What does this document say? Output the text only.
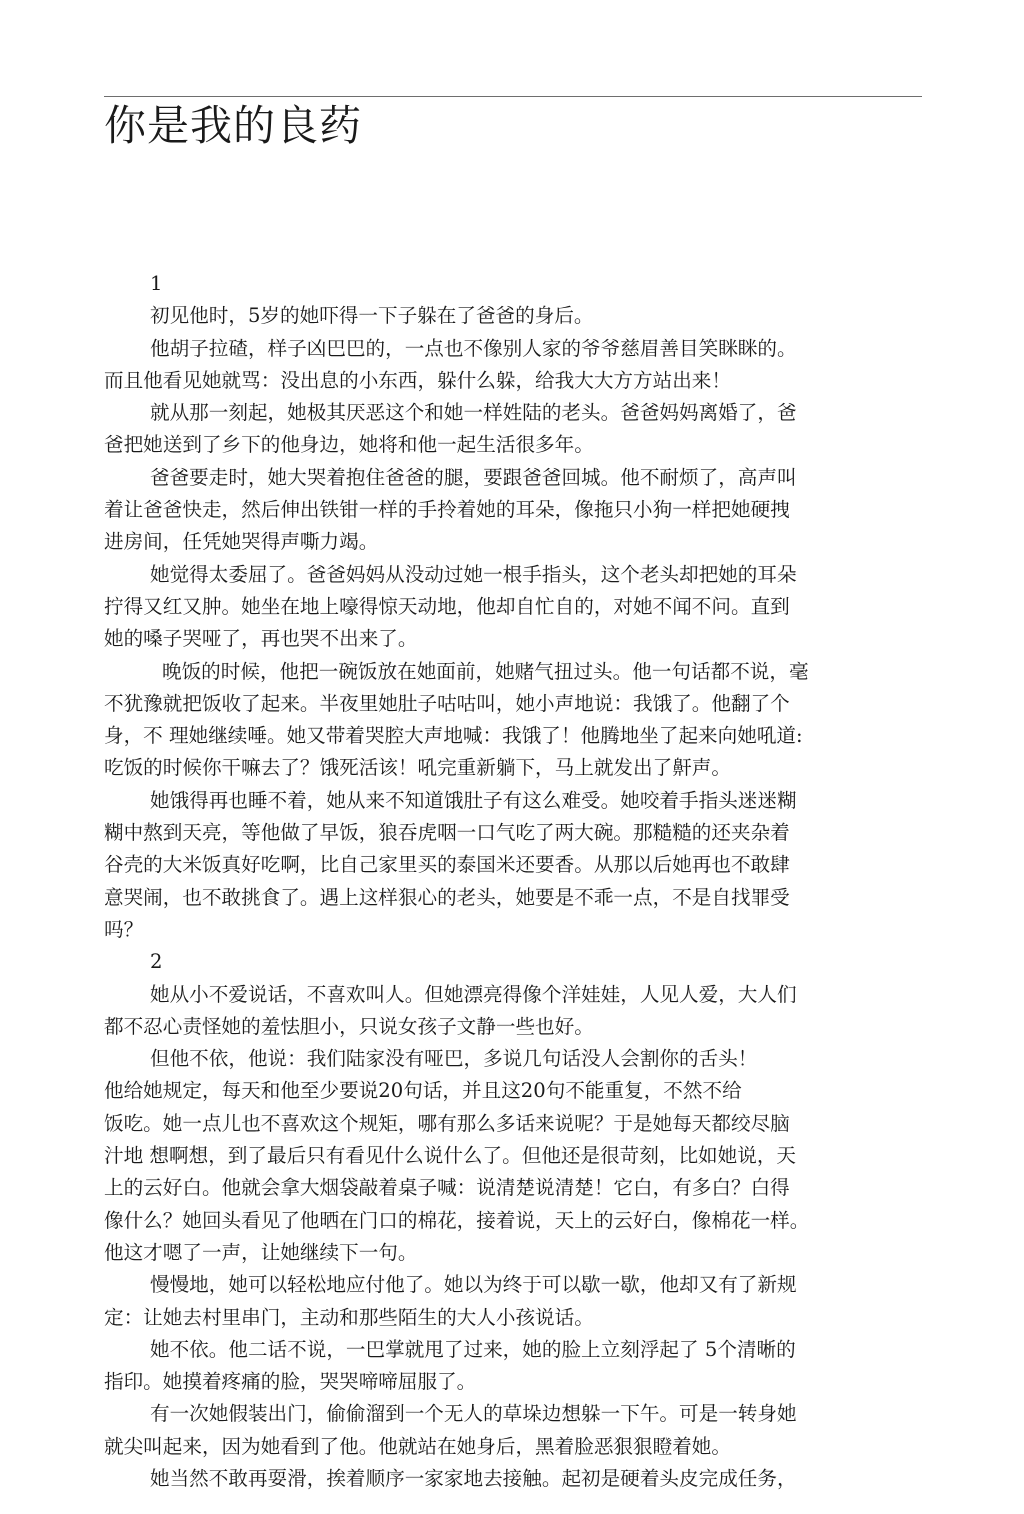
你是我的良药
1
初见他时，5岁的她吓得一下子躲在了爸爸的身后。
他胡子拉碴，样子凶巴巴的，一点也不像别人家的爷爷慈眉善目笑眯眯的。
而且他看见她就骂：没出息的小东西，躲什么躲，给我大大方方站出来！
就从那一刻起，她极其厌恶这个和她一样姓陆的老头。爸爸妈妈离婚了，爸
爸把她送到了乡下的他身边，她将和他一起生活很多年。
爸爸要走时，她大哭着抱住爸爸的腿，要跟爸爸回城。他不耐烦了，高声叫
着让爸爸快走，然后伸出铁钳一样的手拎着她的耳朵，像拖只小狗一样把她硬拽
进房间，任凭她哭得声嘶力竭。
她觉得太委屈了。爸爸妈妈从没动过她一根手指头，这个老头却把她的耳朵
拧得又红又肿。她坐在地上嚎得惊天动地，他却自忙自的，对她不闻不问。直到
她的嗓子哭哑了，再也哭不出来了。
晚饭的时候，他把一碗饭放在她面前，她赌气扭过头。他一句话都不说，毫
不犹豫就把饭收了起来。半夜里她肚子咕咕叫，她小声地说：我饿了。他翻了个
身，不 理她继续唾。她又带着哭腔大声地喊：我饿了！他腾地坐了起来向她吼道:
吃饭的时候你干嘛去了？饿死活该！吼完重新躺下，马上就发出了鼾声。
她饿得再也睡不着，她从来不知道饿肚子有这么难受。她咬着手指头迷迷糊
糊中熬到天亮，等他做了早饭，狼吞虎咽一口气吃了两大碗。那糙糙的还夹杂着
谷壳的大米饭真好吃啊，比自己家里买的泰国米还要香。从那以后她再也不敢肆
意哭闹，也不敢挑食了。遇上这样狠心的老头，她要是不乖一点，不是自找罪受
吗？
2
她从小不爱说话，不喜欢叫人。但她漂亮得像个洋娃娃，人见人爱，大人们
都不忍心责怪她的羞怯胆小，只说女孩子文静一些也好。
但他不依，他说：我们陆家没有哑巴，多说几句话没人会割你的舌头！
他给她规定，每天和他至少要说20句话，并且这20句不能重复，不然不给
饭吃。她一点儿也不喜欢这个规矩，哪有那么多话来说呢？于是她每天都绞尽脑
汁地 想啊想，到了最后只有看见什么说什么了。但他还是很苛刻，比如她说，天
上的云好白。他就会拿大烟袋敲着桌子喊：说清楚说清楚！它白，有多白？白得
像什么？她回头看见了他晒在门口的棉花，接着说，天上的云好白，像棉花一样。
他这才嗯了一声，让她继续下一句。
慢慢地，她可以轻松地应付他了。她以为终于可以歇一歇，他却又有了新规
定：让她去村里串门，主动和那些陌生的大人小孩说话。
她不依。他二话不说，一巴掌就甩了过来，她的脸上立刻浮起了 5个清晰的
指印。她摸着疼痛的脸，哭哭啼啼屈服了。
有一次她假装出门，偷偷溜到一个无人的草垛边想躲一下午。可是一转身她
就尖叫起来，因为她看到了他。他就站在她身后，黑着脸恶狠狠瞪着她。
她当然不敢再耍滑，挨着顺序一家家地去接触。起初是硬着头皮完成任务，
